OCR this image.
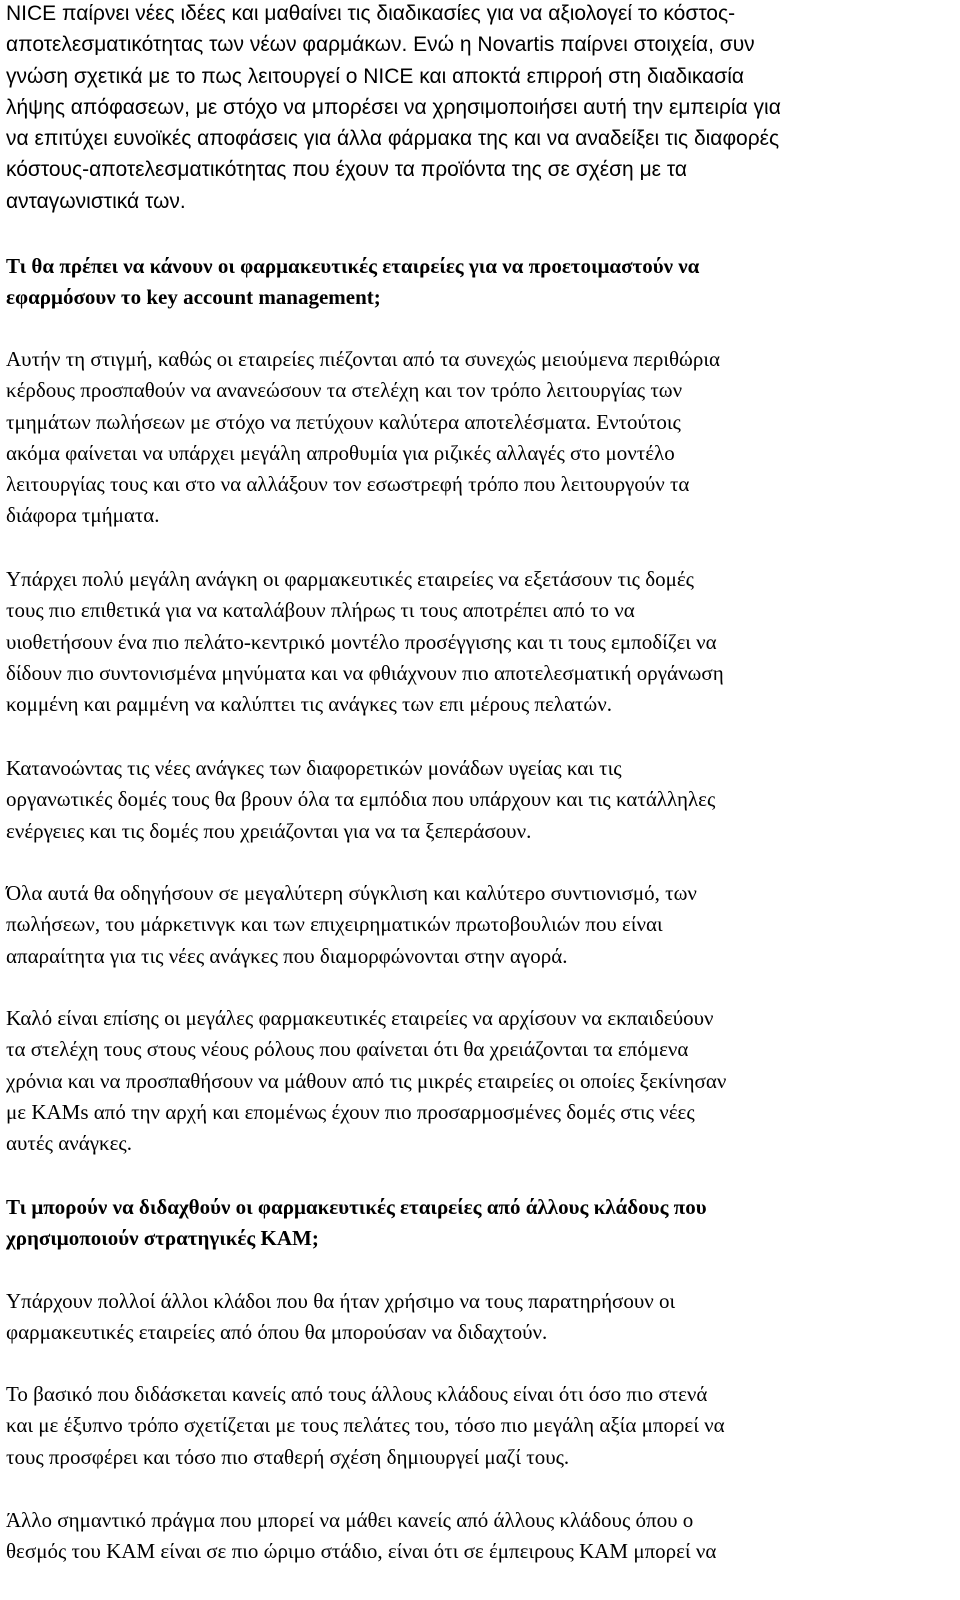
NICE παίρνει νέες ιδέες και μαθαίνει τις διαδικασίες για να αξιολογεί το κόστος-
αποτελεσματικότητας των νέων φαρμάκων. Ενώ η Novartis παίρνει στοιχεία, συν
γνώση σχετικά με το πως λειτουργεί ο NICE και αποκτά επιρροή στη διαδικασία
λήψης απόφασεων, με στόχο να μπορέσει να χρησιμοποιήσει αυτή την εμπειρία για
να επιτύχει ευνοϊκές αποφάσεις για άλλα φάρμακα της και να αναδείξει τις διαφορές
κόστους-αποτελεσματικότητας που έχουν τα προϊόντα της σε σχέση με τα
ανταγωνιστικά των.
Τι θα πρέπει να κάνουν οι φαρμακευτικές εταιρείες για να προετοιμαστούν να
εφαρμόσουν το key account management;
Αυτήν τη στιγμή, καθώς οι εταιρείες πιέζονται από τα συνεχώς μειούμενα περιθώρια
κέρδους προσπαθούν να ανανεώσουν τα στελέχη και τον τρόπο λειτουργίας των
τμημάτων πωλήσεων με στόχο να πετύχουν καλύτερα αποτελέσματα. Εντούτοις
ακόμα φαίνεται να υπάρχει μεγάλη απροθυμία για ριζικές αλλαγές στο μοντέλο
λειτουργίας τους και στο να αλλάξουν τον εσωστρεφή τρόπο που λειτουργούν τα
διάφορα τμήματα.
Υπάρχει πολύ μεγάλη ανάγκη οι φαρμακευτικές εταιρείες να εξετάσουν τις δομές
τους πιο επιθετικά για να καταλάβουν πλήρως τι τους αποτρέπει από το να
υιοθετήσουν ένα πιο πελάτο-κεντρικό μοντέλο προσέγγισης και τι τους εμποδίζει να
δίδουν πιο συντονισμένα μηνύματα και να φθιάχνουν πιο αποτελεσματική οργάνωση
κομμένη και ραμμένη να καλύπτει τις ανάγκες των επι μέρους πελατών.
Κατανοώντας τις νέες ανάγκες των διαφορετικών μονάδων υγείας και τις
οργανωτικές δομές τους θα βρουν όλα τα εμπόδια που υπάρχουν και τις κατάλληλες
ενέργειες και τις δομές που χρειάζονται για να τα ξεπεράσουν.
Όλα αυτά θα οδηγήσουν σε μεγαλύτερη σύγκλιση και καλύτερο συντιονισμό, των
πωλήσεων, του μάρκετινγκ και των επιχειρηματικών πρωτοβουλιών που είναι
απαραίτητα για τις νέες ανάγκες που διαμορφώνονται στην αγορά.
Καλό είναι επίσης οι μεγάλες φαρμακευτικές εταιρείες να αρχίσουν να εκπαιδεύουν
τα στελέχη τους στους νέους ρόλους που φαίνεται ότι θα χρειάζονται τα επόμενα
χρόνια και να προσπαθήσουν να μάθουν από τις μικρές εταιρείες οι οποίες ξεκίνησαν
με KAMs από την αρχή και επομένως έχουν πιο προσαρμοσμένες δομές στις νέες
αυτές ανάγκες.
Τι μπορούν να διδαχθούν οι φαρμακευτικές εταιρείες από άλλους κλάδους που
χρησιμοποιούν στρατηγικές KAM;
Υπάρχουν πολλοί άλλοι κλάδοι που θα ήταν χρήσιμο να τους παρατηρήσουν οι
φαρμακευτικές εταιρείες από όπου θα μπορούσαν να διδαχτούν.
Το βασικό που διδάσκεται κανείς από τους άλλους κλάδους είναι ότι όσο πιο στενά
και με έξυπνο τρόπο σχετίζεται με τους πελάτες του, τόσο πιο μεγάλη αξία μπορεί να
τους προσφέρει και τόσο πιο σταθερή σχέση δημιουργεί μαζί τους.
Άλλο σημαντικό πράγμα που μπορεί να μάθει κανείς από άλλους κλάδους όπου ο
θεσμός του KAM είναι σε πιο ώριμο στάδιο, είναι ότι σε έμπειρους KAM μπορεί να
